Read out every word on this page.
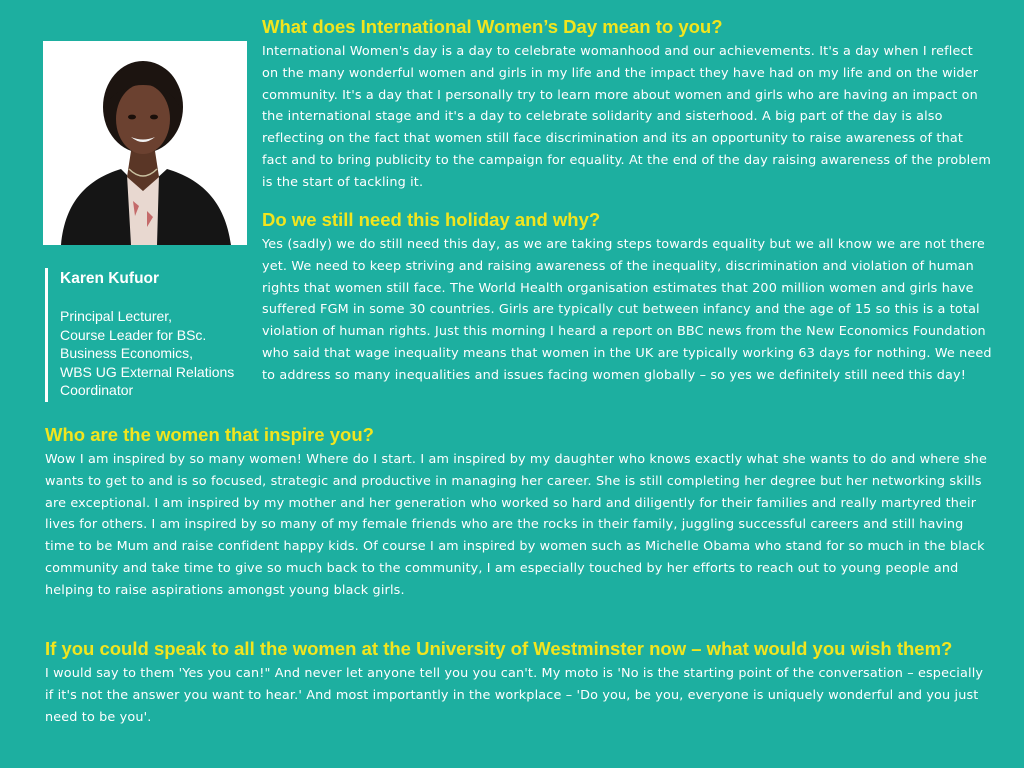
Karen Kufuor
Principal Lecturer,
Course Leader for BSc.
Business Economics,
WBS UG External Relations
Coordinator
What does International Women’s Day mean to you?

International Women's day is a day to celebrate womanhood and our achievements. It's a day when I reflect on the many wonderful women and girls in my life and the impact they have had on my life and on the wider community. It's a day that I personally try to learn more about women and girls who are having an impact on the international stage and it's a day to celebrate solidarity and sisterhood. A big part of the day is also reflecting on the fact that women still face discrimination and its an opportunity to raise awareness of that fact and to bring publicity to the campaign for equality. At the end of the day raising awareness of the problem is the start of tackling it.

Do we still need this holiday and why?

Yes (sadly) we do still need this day, as we are taking steps towards equality but we all know we are not there yet. We need to keep striving and raising awareness of the inequality, discrimination and violation of human rights that women still face. The World Health organisation estimates that 200 million women and girls have suffered FGM in some 30 countries. Girls are typically cut between infancy and the age of 15 so this is a total violation of human rights. Just this morning I heard a report on BBC news from the New Economics Foundation who said that wage inequality means that women in the UK are typically working 63 days for nothing. We need to address so many inequalities and issues facing women globally – so yes we definitely still need this day!

Who are the women that inspire you?

Wow I am inspired by so many women! Where do I start. I am inspired by my daughter who knows exactly what she wants to do and where she wants to get to and is so focused, strategic and productive in managing her career. She is still completing her degree but her networking skills are exceptional. I am inspired by my mother and her generation who worked so hard and diligently for their families and really martyred their lives for others. I am inspired by so many of my female friends who are the rocks in their family, juggling successful careers and still having time to be Mum and raise confident happy kids. Of course I am inspired by women such as Michelle Obama who stand for so much in the black community and take time to give so much back to the community, I am especially touched by her efforts to reach out to young people and helping to raise aspirations amongst young black girls.

If you could speak to all the women at the University of Westminster now – what would you wish them?

I would say to them 'Yes you can!" And never let anyone tell you you can't. My moto is 'No is the starting point of the conversation – especially if it's not the answer you want to hear.' And most importantly in the workplace – 'Do you, be you, everyone is uniquely wonderful and you just need to be you'.
